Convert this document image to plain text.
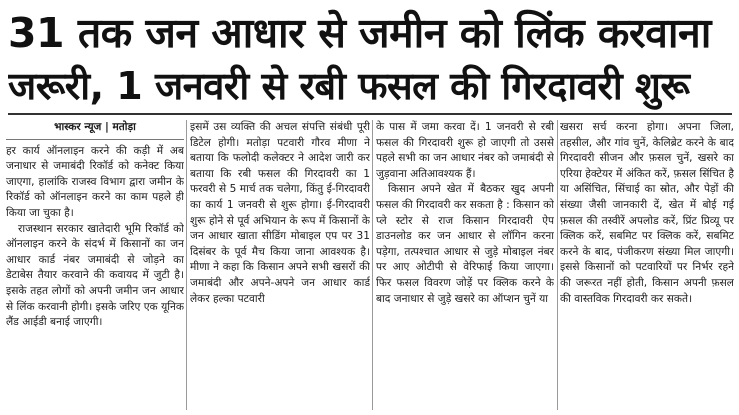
31 तक जन आधार से जमीन को लिंक करवाना
जरूरी, 1 जनवरी से रबी फसल की गिरदावरी शुरू
भास्कर न्यूज | मतोड़ा

हर कार्य ऑनलाइन करने की कड़ी में अब जनाधार से जमाबंदी रिकॉर्ड को कनेक्ट किया जाएगा, हालांकि राजस्व विभाग द्वारा जमीन के रिकॉर्ड को ऑनलाइन करने का काम पहले ही किया जा चुका है।

राजस्थान सरकार खातेदारी भूमि रिकॉर्ड को ऑनलाइन करने के संदर्भ में किसानों का जन आधार कार्ड नंबर जमाबंदी से जोड़ने का डेटाबेस तैयार करवाने की कवायद में जुटी है। इसके तहत लोगों को अपनी जमीन जन आधार से लिंक करवानी होगी। इसके जरिए एक यूनिक लैंड आईडी बनाई जाएगी।

इसमें उस व्यक्ति की अचल संपत्ति संबंधी पूरी डिटेल होगी। मतोड़ा पटवारी गौरव मीणा ने बताया कि फलोदी कलेक्टर ने आदेश जारी कर बताया कि रबी फसल की गिरदावरी का 1 फरवरी से 5 मार्च तक चलेगा, किंतु ई-गिरदावरी का कार्य 1 जनवरी से शुरू होगा। ई-गिरदावरी शुरू होने से पूर्व अभियान के रूप में किसानों के जन आधार खाता सीडिंग मोबाइल एप पर 31 दिसंबर के पूर्व मैच किया जाना आवश्यक है। मीणा ने कहा कि किसान अपने सभी खसरों की जमाबंदी और अपने-अपने जन आधार कार्ड लेकर हल्का पटवारी

के पास में जमा करवा दें। 1 जनवरी से रबी फसल की गिरदावरी शुरू हो जाएगी तो उससे पहले सभी का जन आधार नंबर को जमाबंदी से जुड़वाना अतिआवश्यक हैं।

किसान अपने खेत में बैठकर खुद अपनी फसल की गिरदावरी कर सकता है : किसान को प्ले स्टोर से राज किसान गिरदावरी ऐप डाउनलोड कर जन आधार से लॉगिन करना पड़ेगा, तत्पश्चात आधार से जुड़े मोबाइल नंबर पर आए ओटीपी से वेरिफाई किया जाएगा। फिर फसल विवरण जोड़ें पर क्लिक करने के बाद जनाधार से जुड़े खसरे का ऑप्शन चुनें या

खसरा सर्च करना होगा। अपना जिला, तहसील, और गांव चुनें, केलिब्रेट करने के बाद गिरदावरी सीजन और फ़सल चुनें, खसरे का एरिया हेक्टेयर में अंकित करें, फ़सल सिंचित है या असिंचित, सिंचाई का स्रोत, और पेड़ों की संख्या जैसी जानकारी दें, खेत में बोई गई फ़सल की तस्वीरें अपलोड करें, प्रिंट प्रिव्यू पर क्लिक करें, सबमिट पर क्लिक करें, सबमिट करने के बाद, पंजीकरण संख्या मिल जाएगी। इससे किसानों को पटवारियों पर निर्भर रहने की जरूरत नहीं होती, किसान अपनी फ़सल की वास्तविक गिरदावरी कर सकते।
